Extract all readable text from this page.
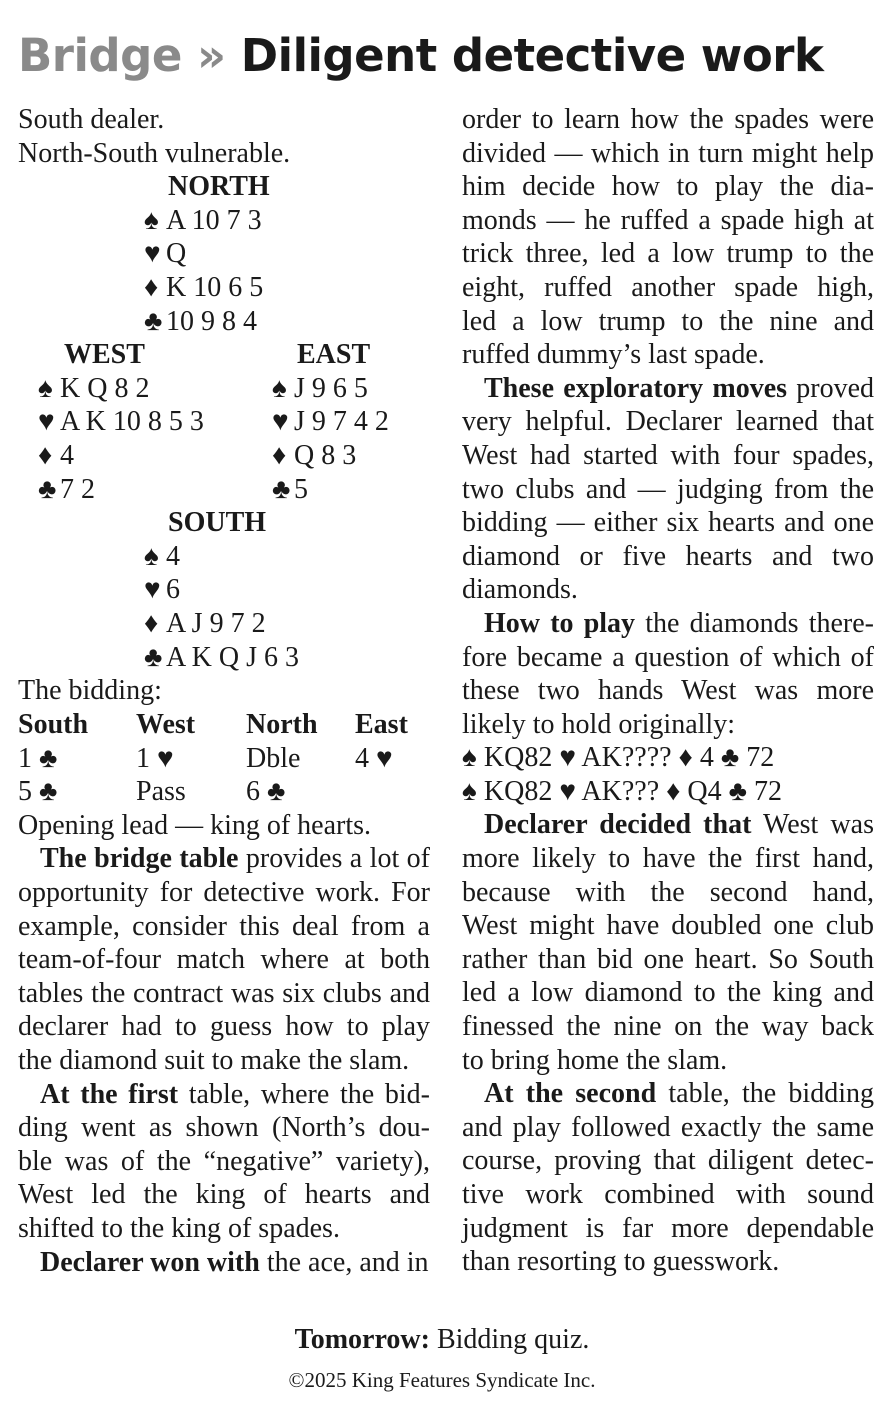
Bridge » Diligent detective work
South dealer.
North-South vulnerable.
NORTH
♠ A 10 7 3
♥ Q
♦ K 10 6 5
♣ 10 9 8 4
WEST
♠ K Q 8 2
♥ A K 10 8 5 3
♦ 4
♣ 7 2
EAST
♠ J 9 6 5
♥ J 9 7 4 2
♦ Q 8 3
♣ 5
SOUTH
♠ 4
♥ 6
♦ A J 9 7 2
♣ A K Q J 6 3
The bidding:
South West North East
1 ♣	1 ♥	Dble 4 ♥
5 ♣	Pass 6 ♣
Opening lead — king of hearts.
The bridge table provides a lot of
opportunity for detective work. For
example, consider this deal from a
team-of-four match where at both
tables the contract was six clubs and
declarer had to guess how to play
the diamond suit to make the slam.
At the first table, where the bid-
ding went as shown (North’s dou-
ble was of the “negative” variety),
West led the king of hearts and
shifted to the king of spades.
Declarer won with the ace, and in
order to learn how the spades were
divided — which in turn might help
him decide how to play the dia-
monds — he ruffed a spade high at
trick three, led a low trump to the
eight, ruffed another spade high,
led a low trump to the nine and
ruffed dummy’s last spade.
These exploratory moves proved
very helpful. Declarer learned that
West had started with four spades,
two clubs and — judging from the
bidding — either six hearts and one
diamond or five hearts and two
diamonds.
How to play the diamonds there-
fore became a question of which of
these two hands West was more
likely to hold originally:
♠ KQ82 ♥ AK???? ♦ 4 ♣ 72
♠ KQ82 ♥ AK??? ♦ Q4 ♣ 72
Declarer decided that West was
more likely to have the first hand,
because with the second hand,
West might have doubled one club
rather than bid one heart. So South
led a low diamond to the king and
finessed the nine on the way back
to bring home the slam.
At the second table, the bidding
and play followed exactly the same
course, proving that diligent detec-
tive work combined with sound
judgment is far more dependable
than resorting to guesswork.
Tomorrow: Bidding quiz.
©2025 King Features Syndicate Inc.
